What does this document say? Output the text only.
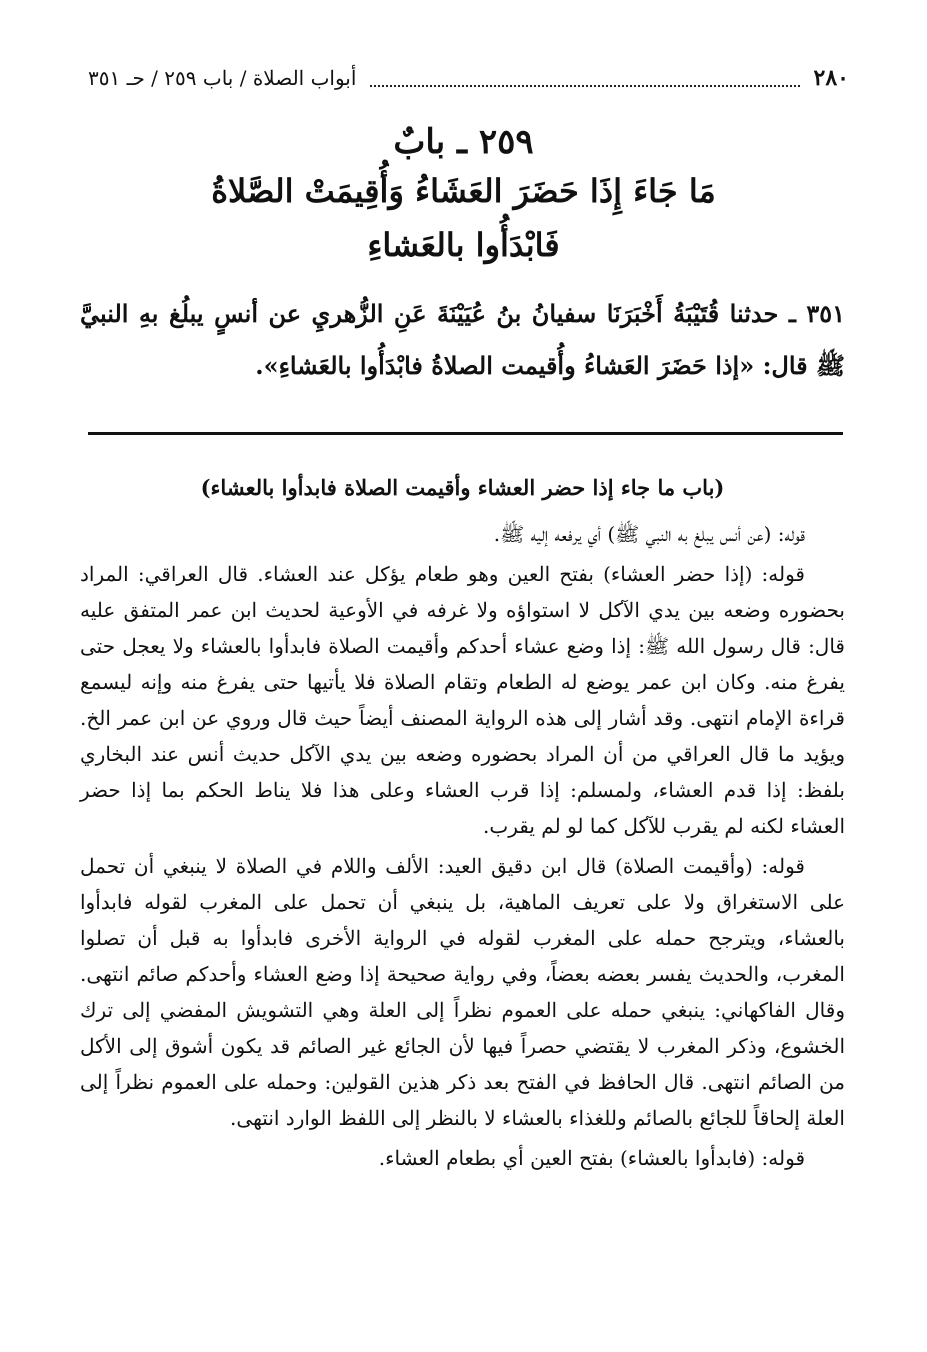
٢٨٠
أبواب الصلاة / باب ٢٥٩ / حـ ٣٥١
٢٥٩ ـ بابٌ
مَا جَاءَ إِذَا حَضَرَ العَشَاءُ وَأُقِيمَتْ الصَّلاةُ
فَابْدَأُوا بالعَشاءِ
٣٥١ ـ حدثنا قُتَيْبَةُ أَخْبَرَنَا سفيانُ بنُ عُيَيْنَةَ عَنِ الزُّهريِ عن أنسٍ يبلُغ بهِ النبيَّ ﷺ قال: «إذا حَضَرَ العَشاءُ وأُقيمت الصلاةُ فابْدَأُوا بالعَشاءِ».

(باب ما جاء إذا حضر العشاء وأقيمت الصلاة فابدأوا بالعشاء)

قوله: (عن أنس يبلغ به النبي ﷺ) أي يرفعه إليه ﷺ.

قوله: (إذا حضر العشاء) بفتح العين وهو طعام يؤكل عند العشاء. قال العراقي: المراد بحضوره وضعه بين يدي الآكل لا استواؤه ولا غرفه في الأوعية لحديث ابن عمر المتفق عليه قال: قال رسول الله ﷺ: إذا وضع عشاء أحدكم وأقيمت الصلاة فابدأوا بالعشاء ولا يعجل حتى يفرغ منه. وكان ابن عمر يوضع له الطعام وتقام الصلاة فلا يأتيها حتى يفرغ منه وإنه ليسمع قراءة الإمام انتهى. وقد أشار إلى هذه الرواية المصنف أيضاً حيث قال وروي عن ابن عمر الخ. ويؤيد ما قال العراقي من أن المراد بحضوره وضعه بين يدي الآكل حديث أنس عند البخاري بلفظ: إذا قدم العشاء، ولمسلم: إذا قرب العشاء وعلى هذا فلا يناط الحكم بما إذا حضر العشاء لكنه لم يقرب للآكل كما لو لم يقرب.

قوله: (وأقيمت الصلاة) قال ابن دقيق العيد: الألف واللام في الصلاة لا ينبغي أن تحمل على الاستغراق ولا على تعريف الماهية، بل ينبغي أن تحمل على المغرب لقوله فابدأوا بالعشاء، ويترجح حمله على المغرب لقوله في الرواية الأخرى فابدأوا به قبل أن تصلوا المغرب، والحديث يفسر بعضه بعضاً، وفي رواية صحيحة إذا وضع العشاء وأحدكم صائم انتهى. وقال الفاكهاني: ينبغي حمله على العموم نظراً إلى العلة وهي التشويش المفضي إلى ترك الخشوع، وذكر المغرب لا يقتضي حصراً فيها لأن الجائع غير الصائم قد يكون أشوق إلى الأكل من الصائم انتهى. قال الحافظ في الفتح بعد ذكر هذين القولين: وحمله على العموم نظراً إلى العلة إلحاقاً للجائع بالصائم وللغذاء بالعشاء لا بالنظر إلى اللفظ الوارد انتهى.

قوله: (فابدأوا بالعشاء) بفتح العين أي بطعام العشاء.
